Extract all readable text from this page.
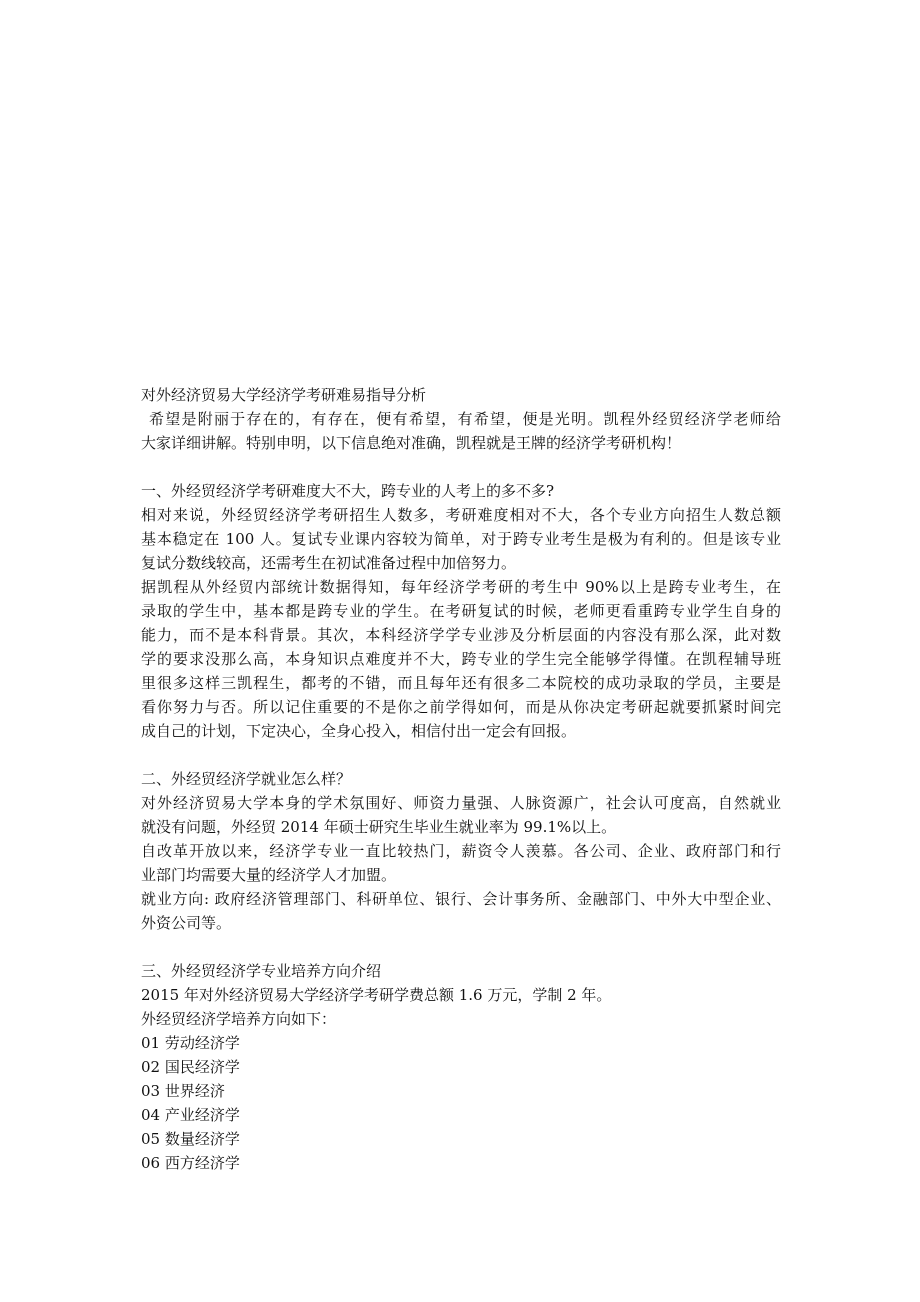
对外经济贸易大学经济学考研难易指导分析
希望是附丽于存在的，有存在，便有希望，有希望，便是光明。凯程外经贸经济学老师给
大家详细讲解。特别申明，以下信息绝对准确，凯程就是王牌的经济学考研机构！
一、外经贸经济学考研难度大不大，跨专业的人考上的多不多?
相对来说，外经贸经济学考研招生人数多，考研难度相对不大，各个专业方向招生人数总额
基本稳定在 100 人。复试专业课内容较为简单，对于跨专业考生是极为有利的。但是该专业
复试分数线较高，还需考生在初试准备过程中加倍努力。
据凯程从外经贸内部统计数据得知，每年经济学考研的考生中 90%以上是跨专业考生，在
录取的学生中，基本都是跨专业的学生。在考研复试的时候，老师更看重跨专业学生自身的
能力，而不是本科背景。其次，本科经济学学专业涉及分析层面的内容没有那么深，此对数
学的要求没那么高，本身知识点难度并不大，跨专业的学生完全能够学得懂。在凯程辅导班
里很多这样三凯程生，都考的不错，而且每年还有很多二本院校的成功录取的学员，主要是
看你努力与否。所以记住重要的不是你之前学得如何，而是从你决定考研起就要抓紧时间完
成自己的计划，下定决心，全身心投入，相信付出一定会有回报。
二、外经贸经济学就业怎么样？
对外经济贸易大学本身的学术氛围好、师资力量强、人脉资源广，社会认可度高，自然就业
就没有问题，外经贸 2014 年硕士研究生毕业生就业率为 99.1%以上。
自改革开放以来，经济学专业一直比较热门，薪资令人羡慕。各公司、企业、政府部门和行
业部门均需要大量的经济学人才加盟。
就业方向: 政府经济管理部门、科研单位、银行、会计事务所、金融部门、中外大中型企业、
外资公司等。
三、外经贸经济学专业培养方向介绍
2015 年对外经济贸易大学经济学考研学费总额 1.6 万元，学制 2 年。
外经贸经济学培养方向如下：
01 劳动经济学
02 国民经济学
03 世界经济
04 产业经济学
05 数量经济学
06 西方经济学
